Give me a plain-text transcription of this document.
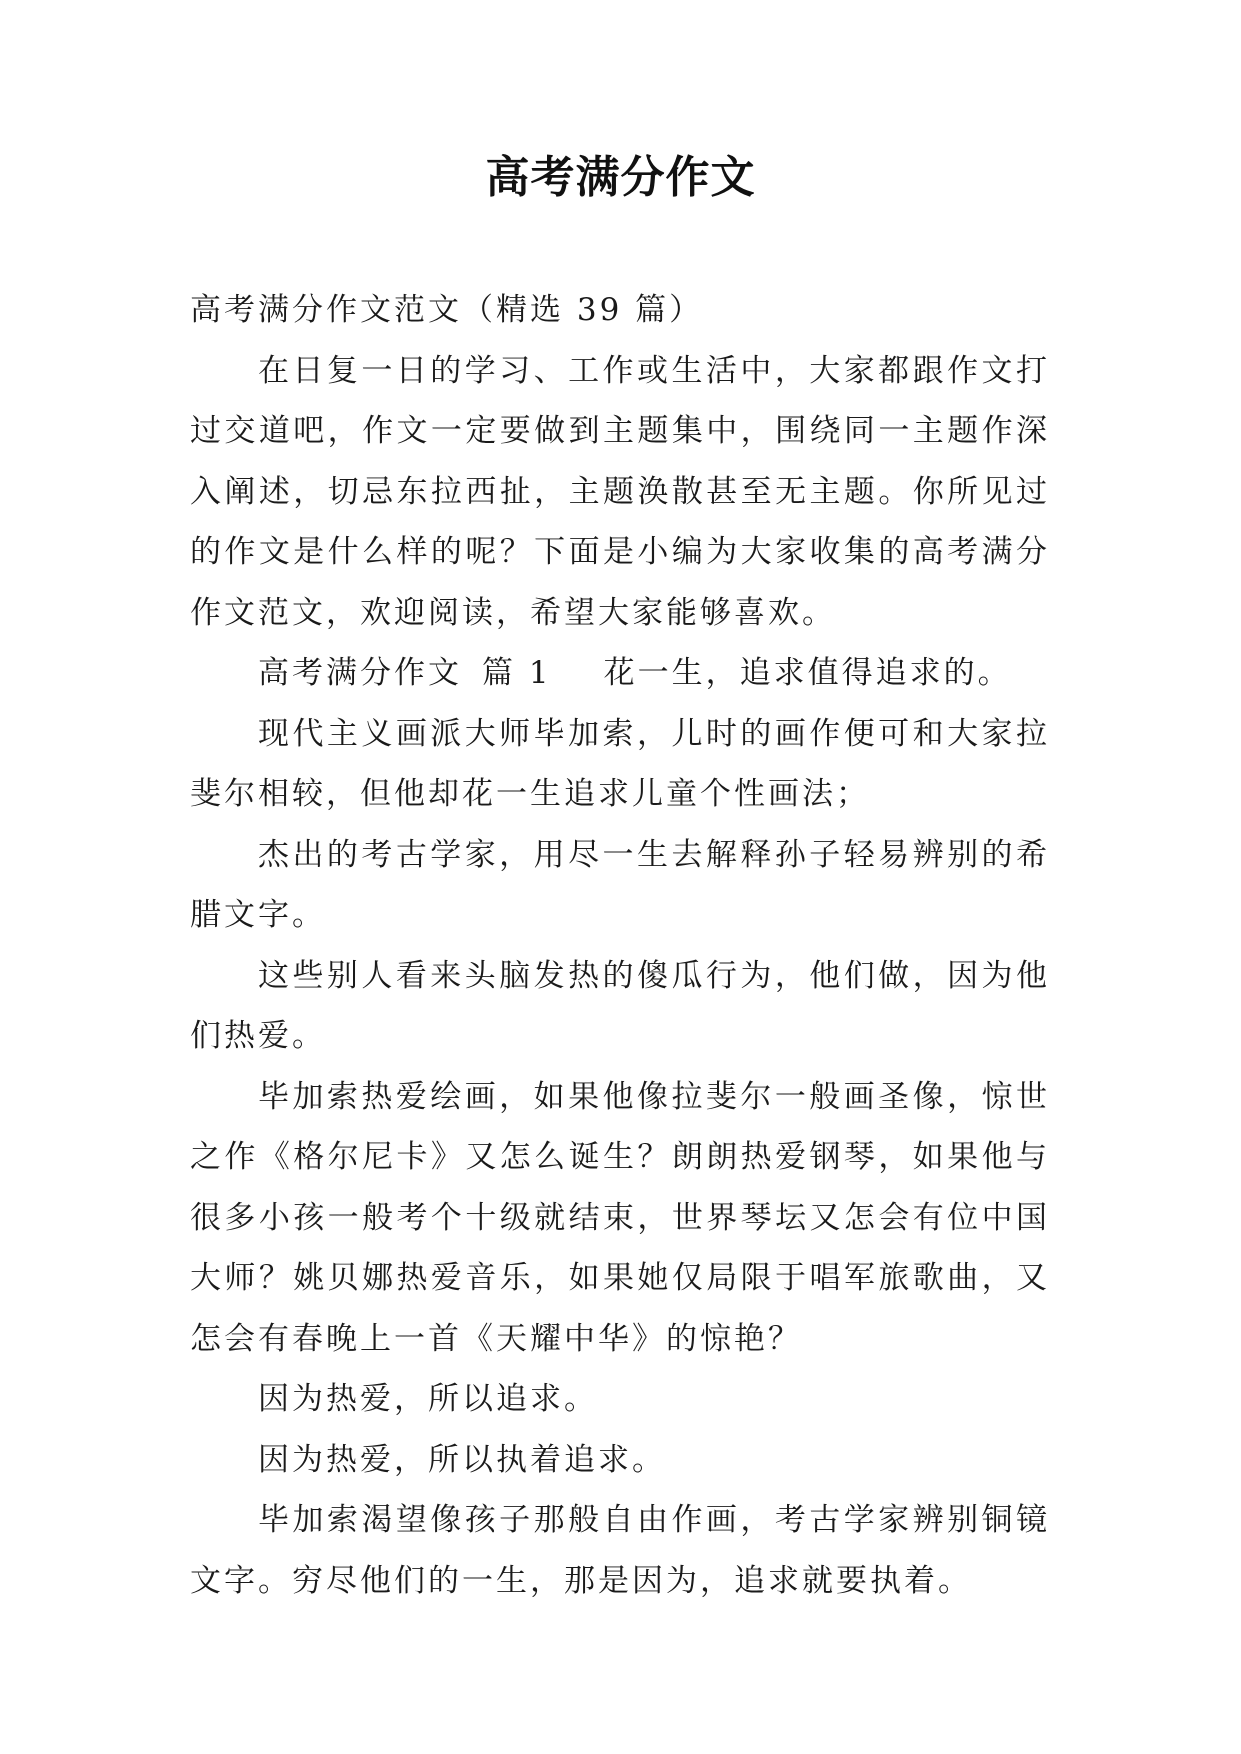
高考满分作文

高考满分作文范文（精选 39 篇）

在日复一日的学习、工作或生活中，大家都跟作文打过交道吧，作文一定要做到主题集中，围绕同一主题作深入阐述，切忌东拉西扯，主题涣散甚至无主题。你所见过的作文是什么样的呢？下面是小编为大家收集的高考满分作文范文，欢迎阅读，希望大家能够喜欢。

高考满分作文 篇 1 花一生，追求值得追求的。

现代主义画派大师毕加索，儿时的画作便可和大家拉斐尔相较，但他却花一生追求儿童个性画法；

杰出的考古学家，用尽一生去解释孙子轻易辨别的希腊文字。

这些别人看来头脑发热的傻瓜行为，他们做，因为他们热爱。

毕加索热爱绘画，如果他像拉斐尔一般画圣像，惊世之作《格尔尼卡》又怎么诞生？朗朗热爱钢琴，如果他与很多小孩一般考个十级就结束，世界琴坛又怎会有位中国大师？姚贝娜热爱音乐，如果她仅局限于唱军旅歌曲，又怎会有春晚上一首《天耀中华》的惊艳？

因为热爱，所以追求。

因为热爱，所以执着追求。

毕加索渴望像孩子那般自由作画，考古学家辨别铜镜文字。穷尽他们的一生，那是因为，追求就要执着。
